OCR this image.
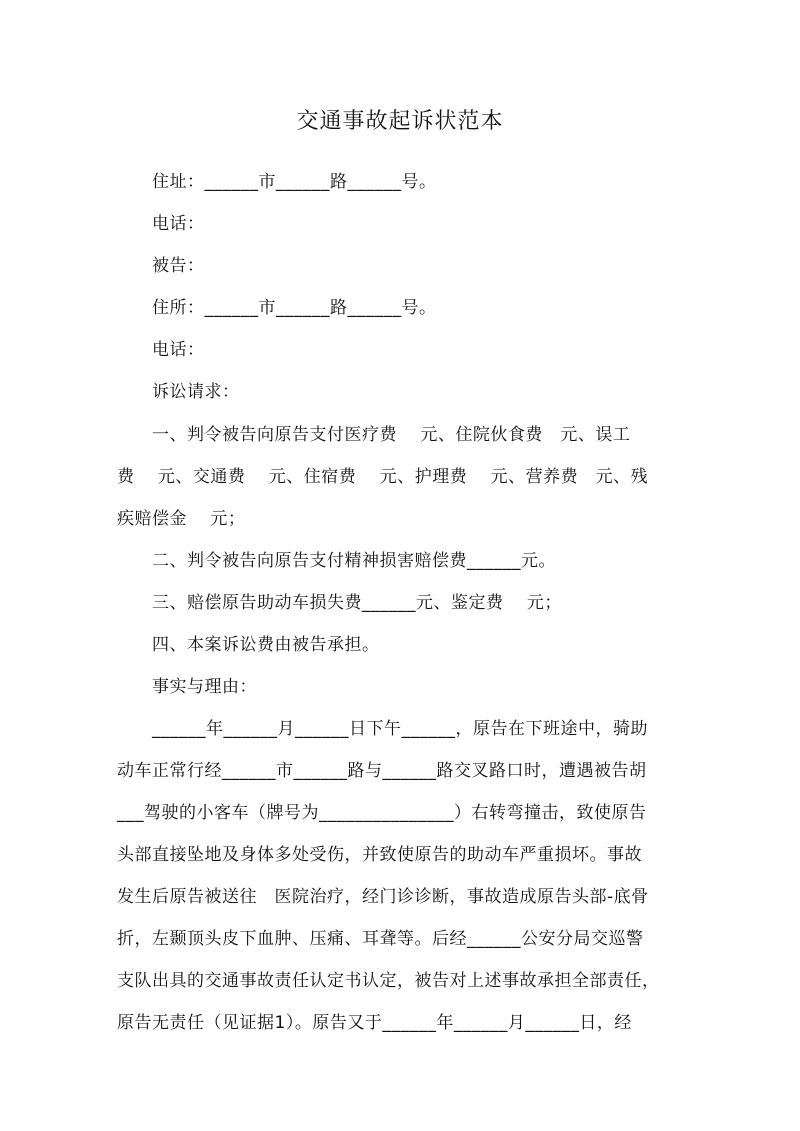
交通事故起诉状范本
住址：______市______路______号。
电话：
被告：
住所：______市______路______号。
电话：
诉讼请求：
一、判令被告向原告支付医疗费　 元、住院伙食费　元、误工
费　 元、交通费　 元、住宿费　 元、护理费　 元、营养费　元、残
疾赔偿金　 元；
二、判令被告向原告支付精神损害赔偿费______元。
三、赔偿原告助动车损失费______元、鉴定费　 元；
四、本案诉讼费由被告承担。
事实与理由：
______年______月______日下午______，原告在下班途中，骑助
动车正常行经______市______路与______路交叉路口时，遭遇被告胡
___驾驶的小客车（牌号为_______________）右转弯撞击，致使原告
头部直接坠地及身体多处受伤，并致使原告的助动车严重损坏。事故
发生后原告被送往　医院治疗，经门诊诊断，事故造成原告头部-底骨
折，左颞顶头皮下血肿、压痛、耳聋等。后经______公安分局交巡警
支队出具的交通事故责任认定书认定，被告对上述事故承担全部责任，
原告无责任（见证据1）。原告又于______年______月______日，经
